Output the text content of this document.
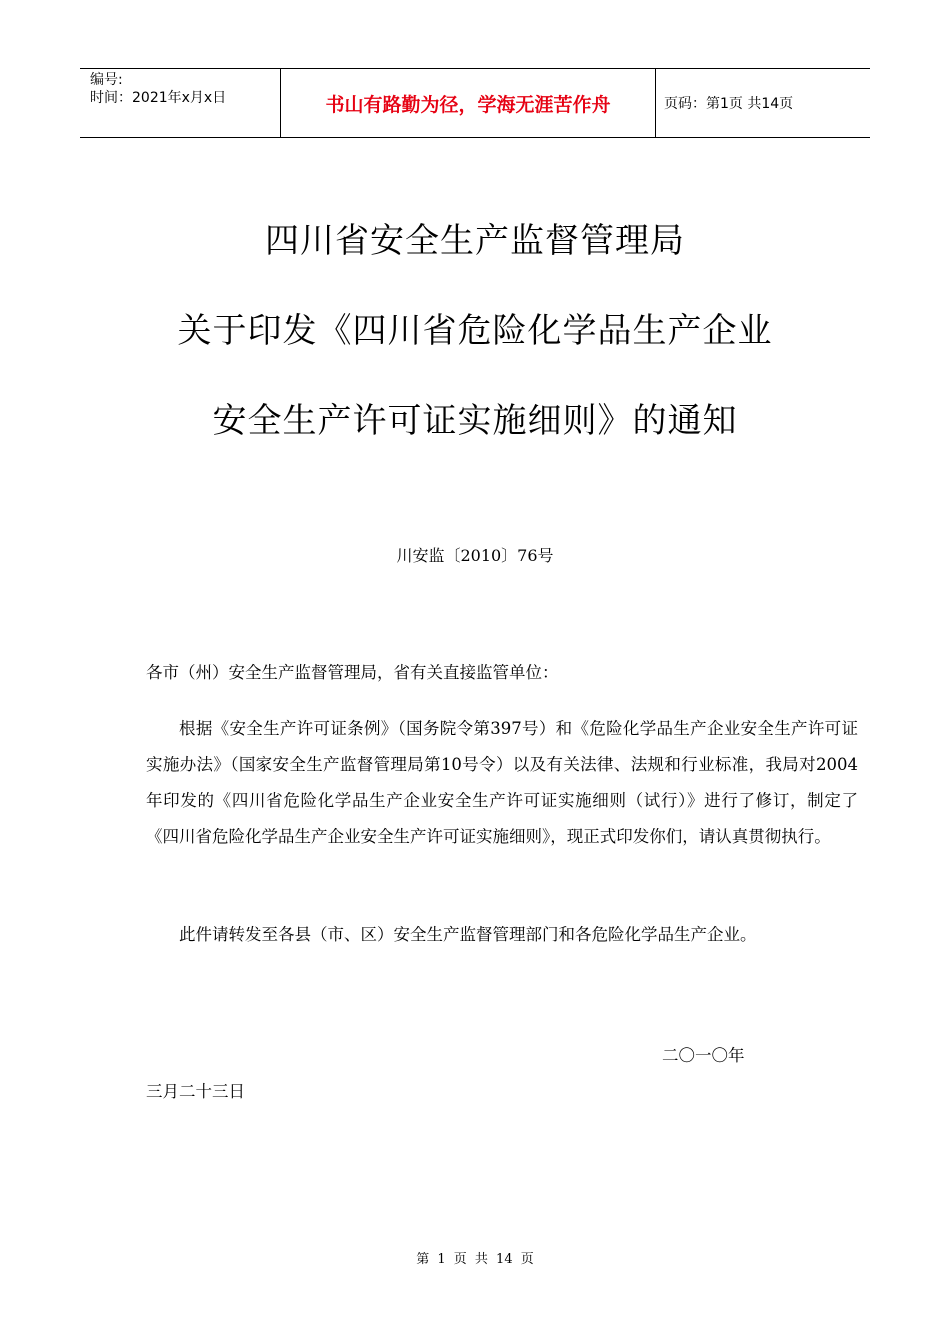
编号:
时间：2021年x月x日	书山有路勤为径，学海无涯苦作舟	页码：第1页 共14页
四川省安全生产监督管理局
关于印发《四川省危险化学品生产企业
安全生产许可证实施细则》的通知
川安监〔2010〕76号

各市（州）安全生产监督管理局，省有关直接监管单位：

根据《安全生产许可证条例》（国务院令第397号）和《危险化学品生产企业安全生产许可证实施办法》（国家安全生产监督管理局第10号令）以及有关法律、法规和行业标准，我局对2004年印发的《四川省危险化学品生产企业安全生产许可证实施细则（试行）》进行了修订，制定了《四川省危险化学品生产企业安全生产许可证实施细则》，现正式印发你们，请认真贯彻执行。

此件请转发至各县（市、区）安全生产监督管理部门和各危险化学品生产企业。

二〇一〇年
三月二十三日
第 1 页 共 14 页
